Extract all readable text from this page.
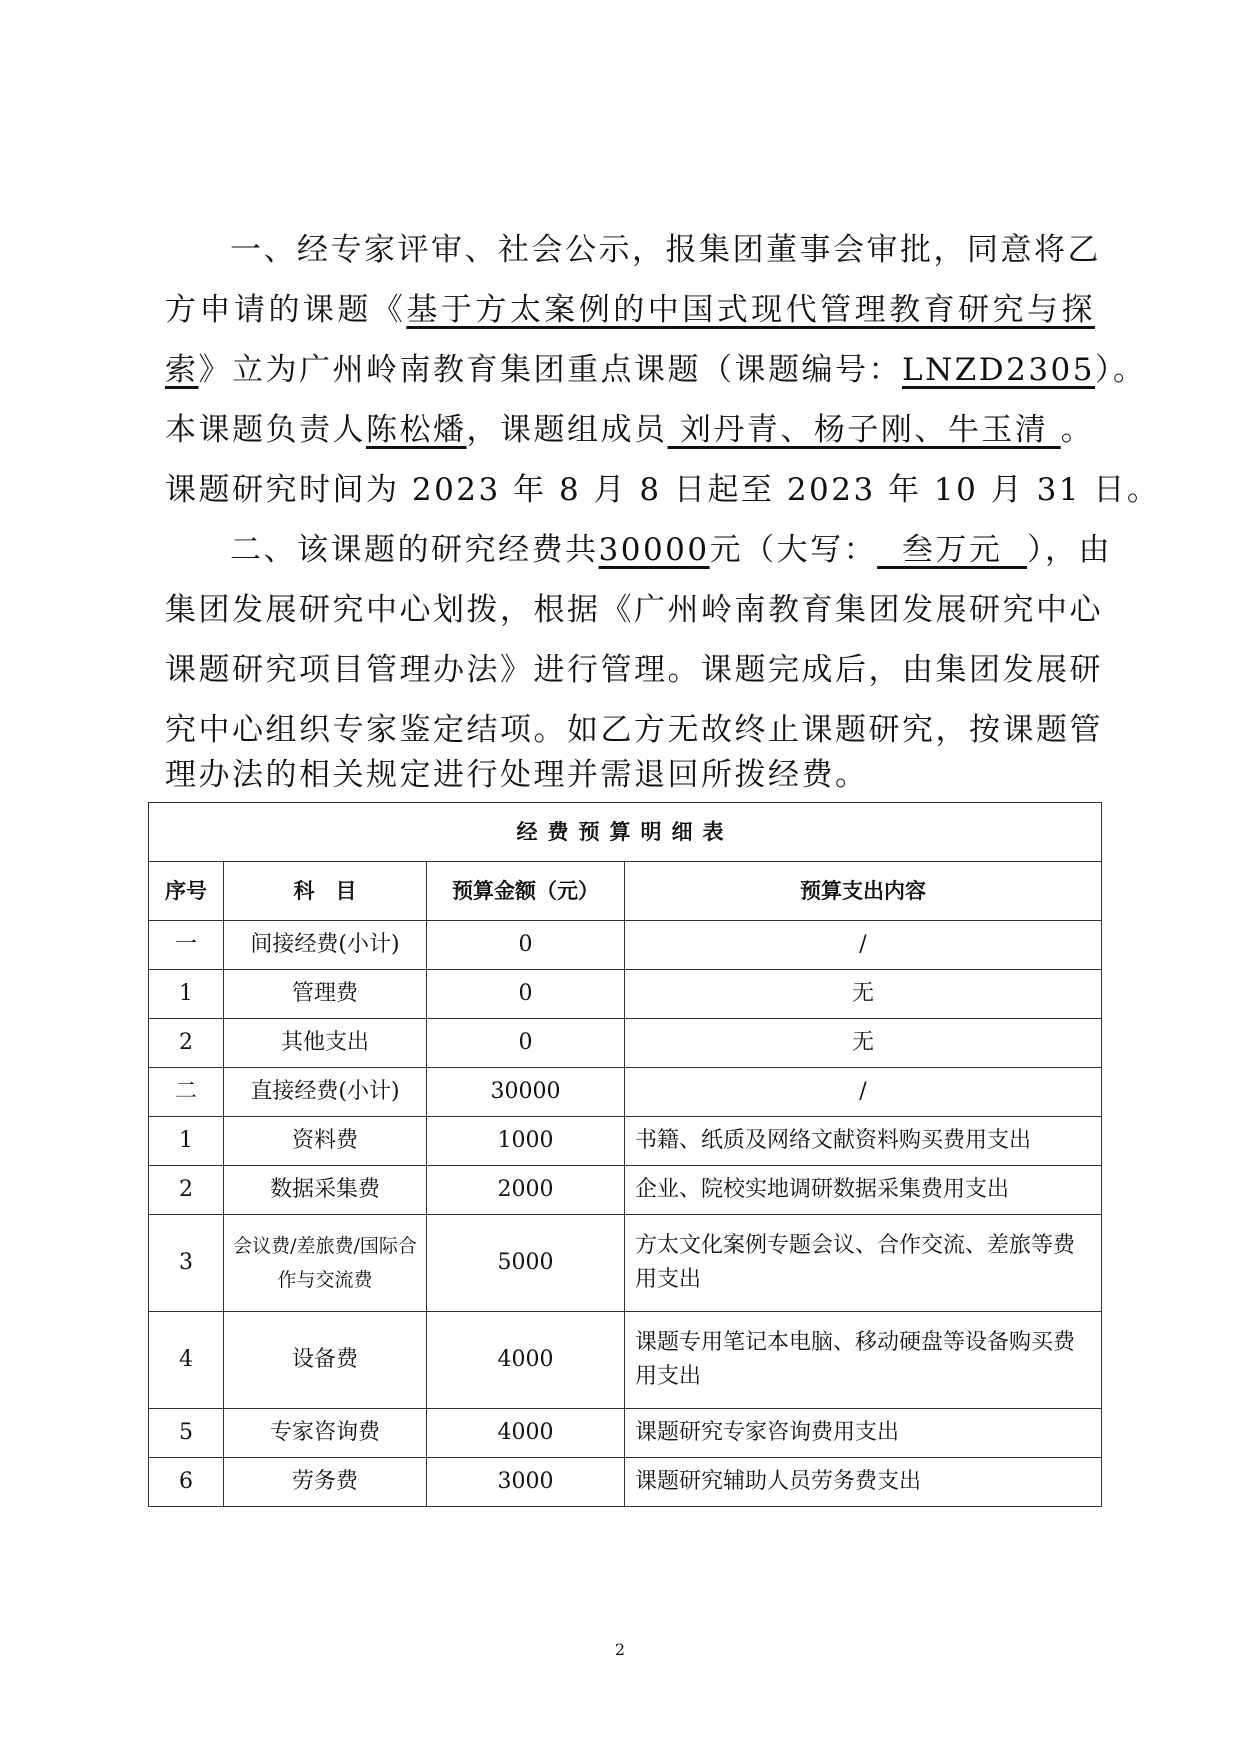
一、经专家评审、社会公示，报集团董事会审批，同意将乙
方申请的课题《基于方太案例的中国式现代管理教育研究与探
索》立为广州岭南教育集团重点课题（课题编号：LNZD2305）。
本课题负责人陈松燔，课题组成员 刘丹青、杨子刚、牛玉清 。
课题研究时间为 2023 年 8 月 8 日起至 2023 年 10 月 31 日。
二、该课题的研究经费共30000元（大写：  叁万元  ），由
集团发展研究中心划拨，根据《广州岭南教育集团发展研究中心
课题研究项目管理办法》进行管理。课题完成后，由集团发展研
究中心组织专家鉴定结项。如乙方无故终止课题研究，按课题管
理办法的相关规定进行处理并需退回所拨经费。
经费预算明细表			
序号	科　目	预算金额（元）	预算支出内容
一	间接经费(小计)	0	/
1	管理费	0	无
2	其他支出	0	无
二	直接经费(小计)	30000	/
1	资料费	1000	书籍、纸质及网络文献资料购买费用支出
2	数据采集费	2000	企业、院校实地调研数据采集费用支出
3	会议费/差旅费/国际合作与交流费	5000	方太文化案例专题会议、合作交流、差旅等费用支出
4	设备费	4000	课题专用笔记本电脑、移动硬盘等设备购买费用支出
5	专家咨询费	4000	课题研究专家咨询费用支出
6	劳务费	3000	课题研究辅助人员劳务费支出
2
